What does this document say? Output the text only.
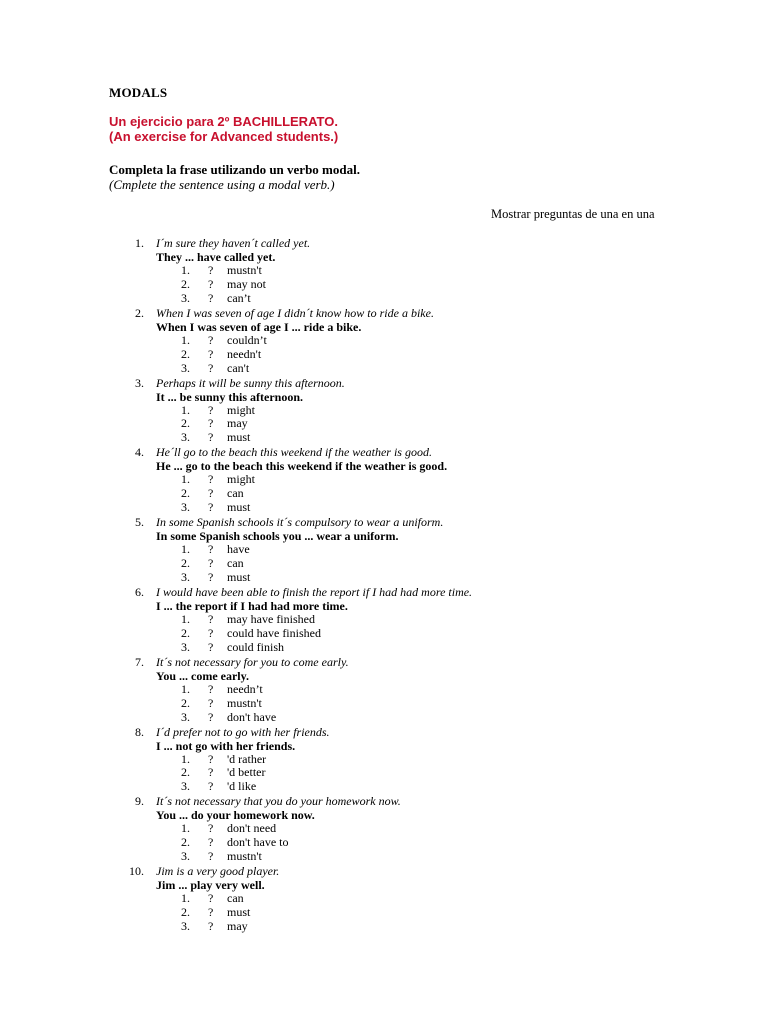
MODALS
Un ejercicio para 2º BACHILLERATO.
(An exercise for Advanced students.)
Completa la frase utilizando un verbo modal.
(Cmplete the sentence using a modal verb.)
Mostrar preguntas de una en una
1. I´m sure they haven´t called yet.
They ... have called yet.
1. ? mustn't
2. ? may not
3. ? can’t
2. When I was seven of age I didn´t know how to ride a bike.
When I was seven of age I ... ride a bike.
1. ? couldn’t
2. ? needn't
3. ? can't
3. Perhaps it will be sunny this afternoon.
It ... be sunny this afternoon.
1. ? might
2. ? may
3. ? must
4. He´ll go to the beach this weekend if the weather is good.
He ... go to the beach this weekend if the weather is good.
1. ? might
2. ? can
3. ? must
5. In some Spanish schools it´s compulsory to wear a uniform.
In some Spanish schools you ... wear a uniform.
1. ? have
2. ? can
3. ? must
6. I would have been able to finish the report if I had had more time.
I ... the report if I had had more time.
1. ? may have finished
2. ? could have finished
3. ? could finish
7. It´s not necessary for you to come early.
You ... come early.
1. ? needn’t
2. ? mustn't
3. ? don't have
8. I´d prefer not to go with her friends.
I ... not go with her friends.
1. ? 'd rather
2. ? 'd better
3. ? 'd like
9. It´s not necessary that you do your homework now.
You ... do your homework now.
1. ? don't need
2. ? don't have to
3. ? mustn't
10. Jim is a very good player.
Jim ... play very well.
1. ? can
2. ? must
3. ? may
